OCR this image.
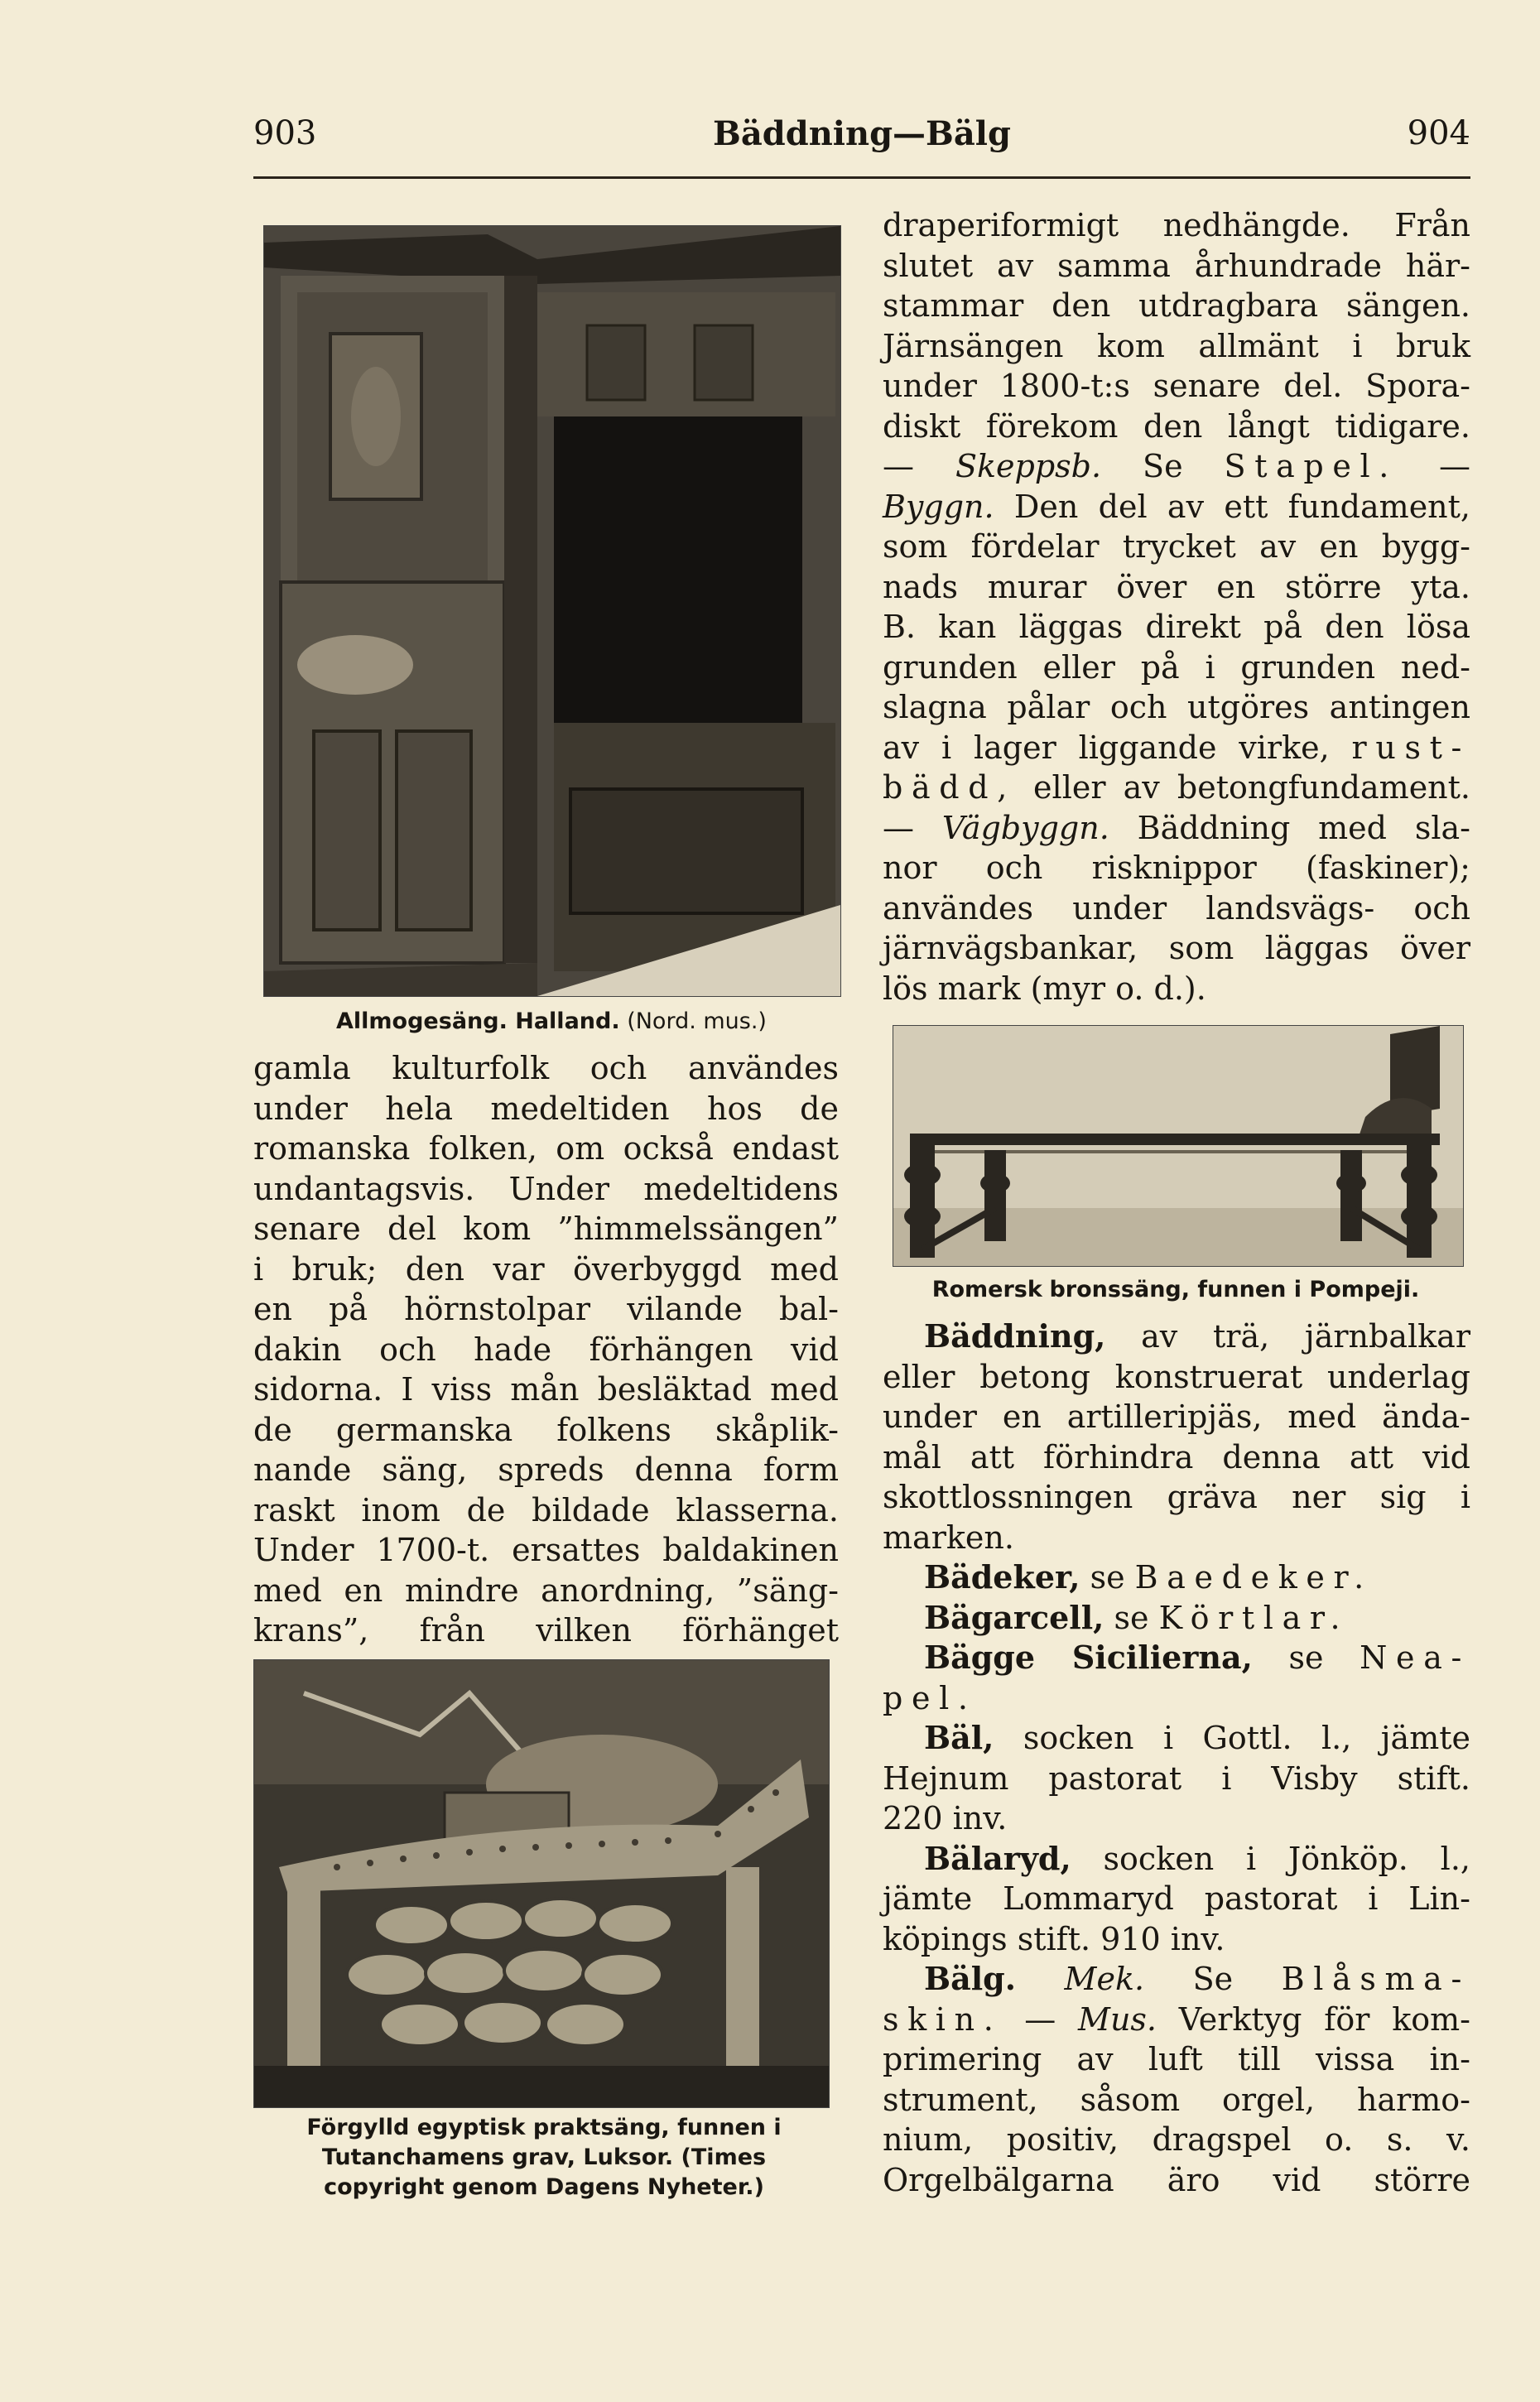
903	Bäddning—Bälg	904
Allmogesäng. Halland. (Nord. mus.)
gamla kulturfolk och användes
under hela medeltiden hos de
romanska folken, om också endast
undantagsvis. Under medeltidens
senare del kom ”himmelssängen”
i bruk; den var överbyggd med
en på hörnstolpar vilande bal-
dakin och hade förhängen vid
sidorna. I viss mån besläktad med
de germanska folkens skåplik-
nande säng, spreds denna form
raskt inom de bildade klasserna.
Under 1700-t. ersattes baldakinen
med en mindre anordning, ”säng-
krans”, från vilken förhänget
Förgylld egyptisk praktsäng, funnen i
Tutanchamens grav, Luksor. (Times
copyright genom Dagens Nyheter.)
draperiformigt nedhängde. Från
slutet av samma århundrade här-
stammar den utdragbara sängen.
Järnsängen kom allmänt i bruk
under 1800-t:s senare del. Spora-
diskt förekom den långt tidigare.
— Skeppsb. Se Stapel. —
Byggn. Den del av ett fundament,
som fördelar trycket av en bygg-
nads murar över en större yta.
B. kan läggas direkt på den lösa
grunden eller på i grunden ned-
slagna pålar och utgöres antingen
av i lager liggande virke, rust-
bädd, eller av betongfundament.
— Vägbyggn. Bäddning med sla-
nor och risknippor (faskiner);
användes under landsvägs- och
järnvägsbankar, som läggas över
lös mark (myr o. d.).
Romersk bronssäng, funnen i Pompeji.
Bäddning, av trä, järnbalkar
eller betong konstruerat underlag
under en artilleripjäs, med ända-
mål att förhindra denna att vid
skottlossningen gräva ner sig i
marken.
Bädeker, se Baedeker.
Bägarcell, se Körtlar.
Bägge Sicilierna, se Nea-
pel.
Bäl, socken i Gottl. l., jämte
Hejnum pastorat i Visby stift.
220 inv.
Bälaryd, socken i Jönköp. l.,
jämte Lommaryd pastorat i Lin-
köpings stift. 910 inv.
Bälg. Mek. Se Blåsma-
skin. — Mus. Verktyg för kom-
primering av luft till vissa in-
strument, såsom orgel, harmo-
nium, positiv, dragspel o. s. v.
Orgelbälgarna äro vid större
